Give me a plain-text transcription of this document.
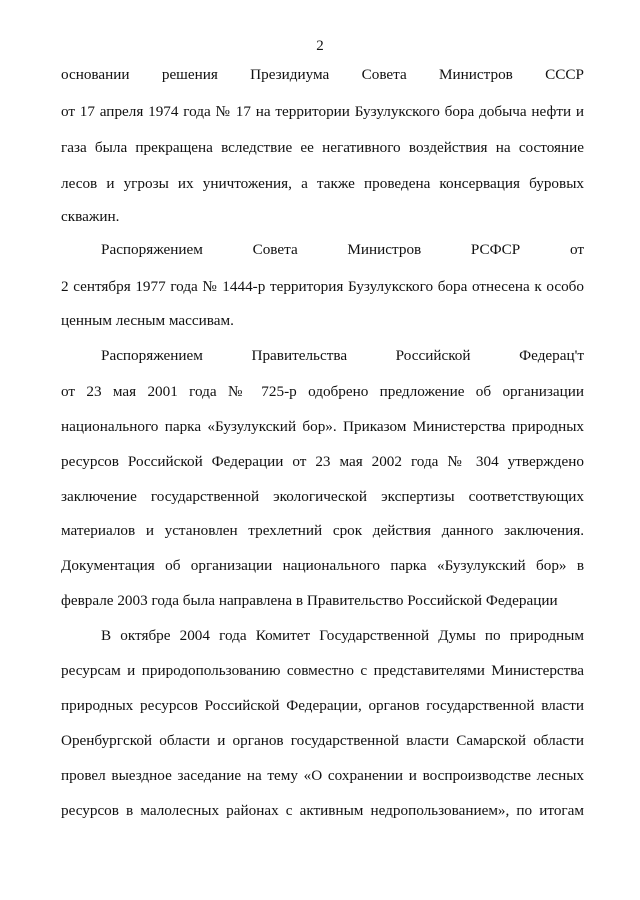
2
основании решения Президиума Совета Министров СССР
от 17 апреля 1974 года № 17 на территории Бузулукского бора добыча нефти и
газа была прекращена вследствие ее негативного воздействия на состояние
лесов и угрозы их уничтожения, а также проведена консервация буровых
скважин.
Распоряжением Совета Министров РСФСР от
2 сентября 1977 года № 1444-р территория Бузулукского бора отнесена к особо
ценным лесным массивам.
Распоряжением Правительства Российской Федерац'т
от 23 мая 2001 года № 725-р одобрено предложение об организации
национального парка «Бузулукский бор». Приказом Министерства природных
ресурсов Российской Федерации от 23 мая 2002 года № 304 утверждено
заключение государственной экологической экспертизы соответствующих
материалов и установлен трехлетний срок действия данного заключения.
Документация об организации национального парка «Бузулукский бор» в
феврале 2003 года была направлена в Правительство Российской Федерации
В октябре 2004 года Комитет Государственной Думы по природным
ресурсам и природопользованию совместно с представителями Министерства
природных ресурсов Российской Федерации, органов государственной власти
Оренбургской области и органов государственной власти Самарской области
провел выездное заседание на тему «О сохранении и воспроизводстве лесных
ресурсов в малолесных районах с активным недропользованием», по итогам
